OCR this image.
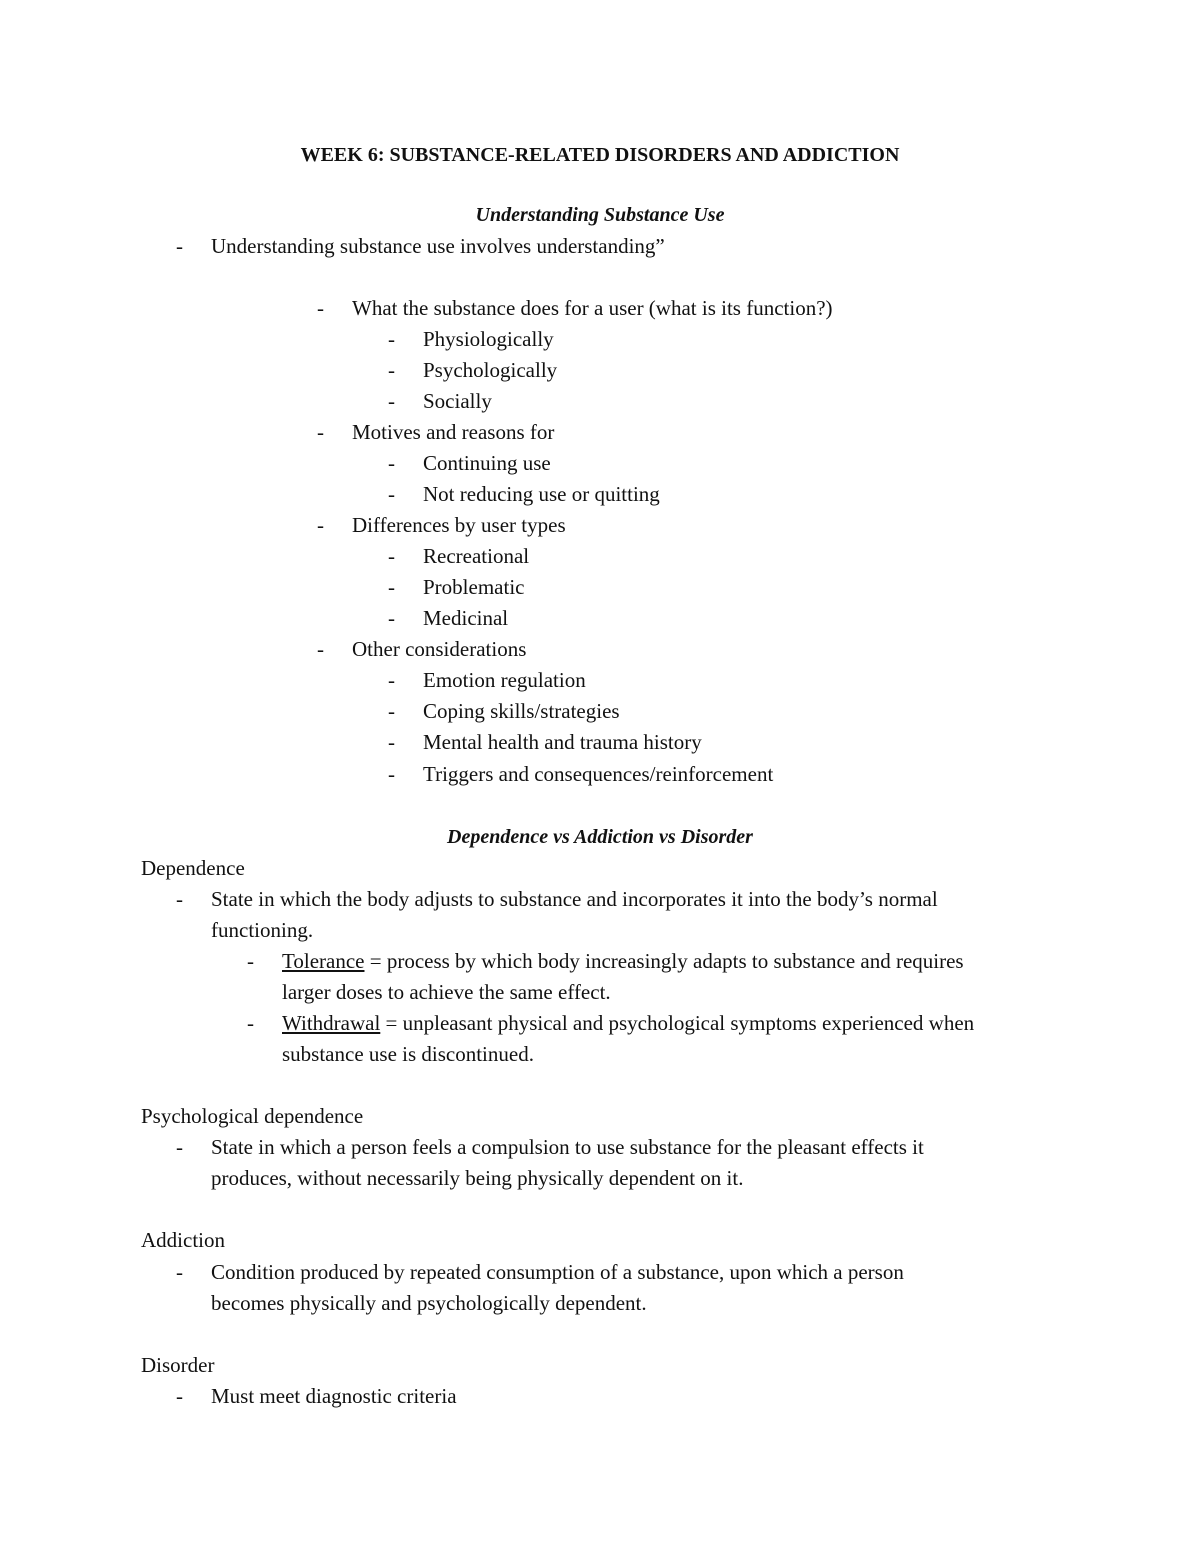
WEEK 6: SUBSTANCE-RELATED DISORDERS AND ADDICTION
Understanding Substance Use
- Understanding substance use involves understanding”
- What the substance does for a user (what is its function?)
- Physiologically
- Psychologically
- Socially
- Motives and reasons for
- Continuing use
- Not reducing use or quitting
- Differences by user types
- Recreational
- Problematic
- Medicinal
- Other considerations
- Emotion regulation
- Coping skills/strategies
- Mental health and trauma history
- Triggers and consequences/reinforcement
Dependence vs Addiction vs Disorder
Dependence
- State in which the body adjusts to substance and incorporates it into the body’s normal
functioning.
- Tolerance = process by which body increasingly adapts to substance and requires
larger doses to achieve the same effect.
- Withdrawal = unpleasant physical and psychological symptoms experienced when
substance use is discontinued.
Psychological dependence
- State in which a person feels a compulsion to use substance for the pleasant effects it
produces, without necessarily being physically dependent on it.
Addiction
- Condition produced by repeated consumption of a substance, upon which a person
becomes physically and psychologically dependent.
Disorder
- Must meet diagnostic criteria
